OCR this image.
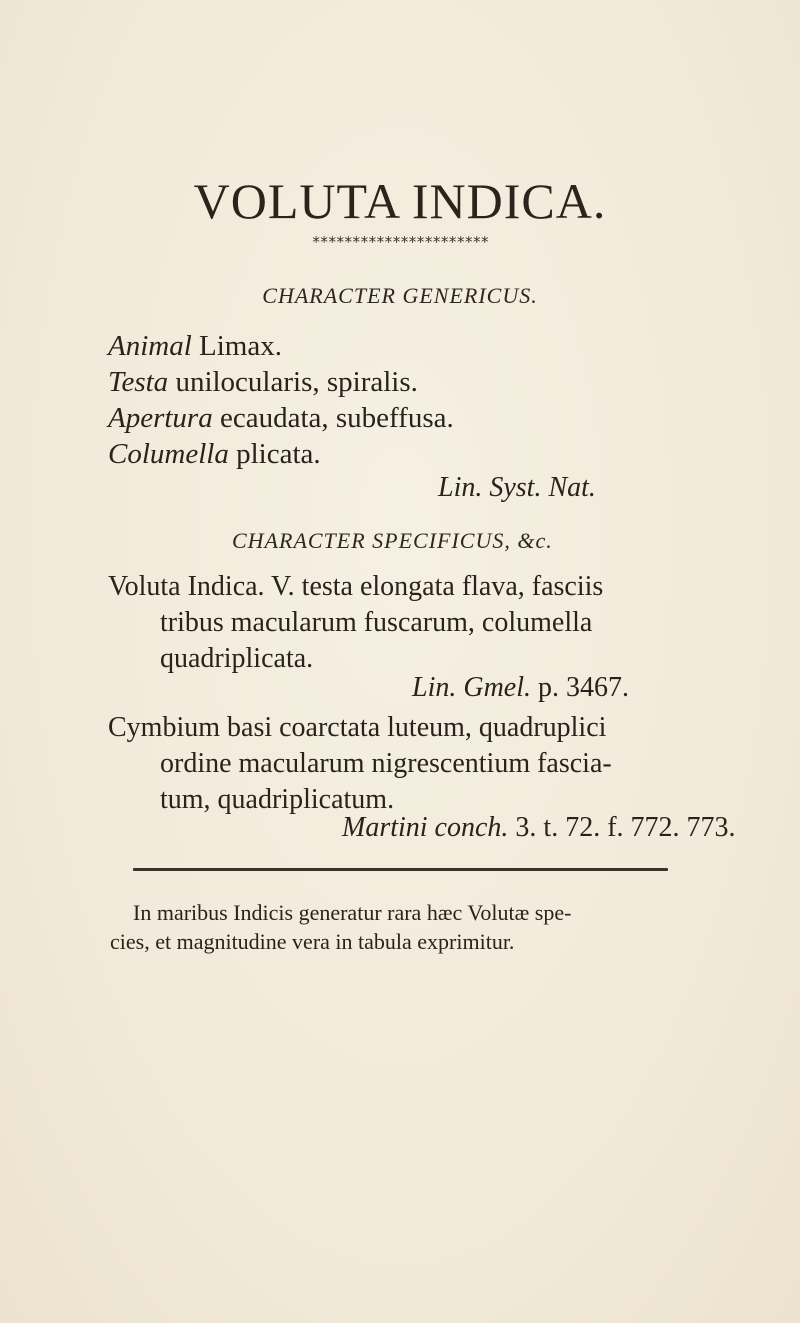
VOLUTA INDICA.
**********************
CHARACTER GENERICUS.
Animal Limax.
Testa unilocularis, spiralis.
Apertura ecaudata, subeffusa.
Columella plicata.
Lin. Syst. Nat.
CHARACTER SPECIFICUS, &c.
Voluta Indica. V. testa elongata flava, fasciis
tribus macularum fuscarum, columella
quadriplicata.
Lin. Gmel. p. 3467.
Cymbium basi coarctata luteum, quadruplici
ordine macularum nigrescentium fascia-
tum, quadriplicatum.
Martini conch. 3. t. 72. f. 772. 773.
In maribus Indicis generatur rara hæc Volutæ spe-
cies, et magnitudine vera in tabula exprimitur.
